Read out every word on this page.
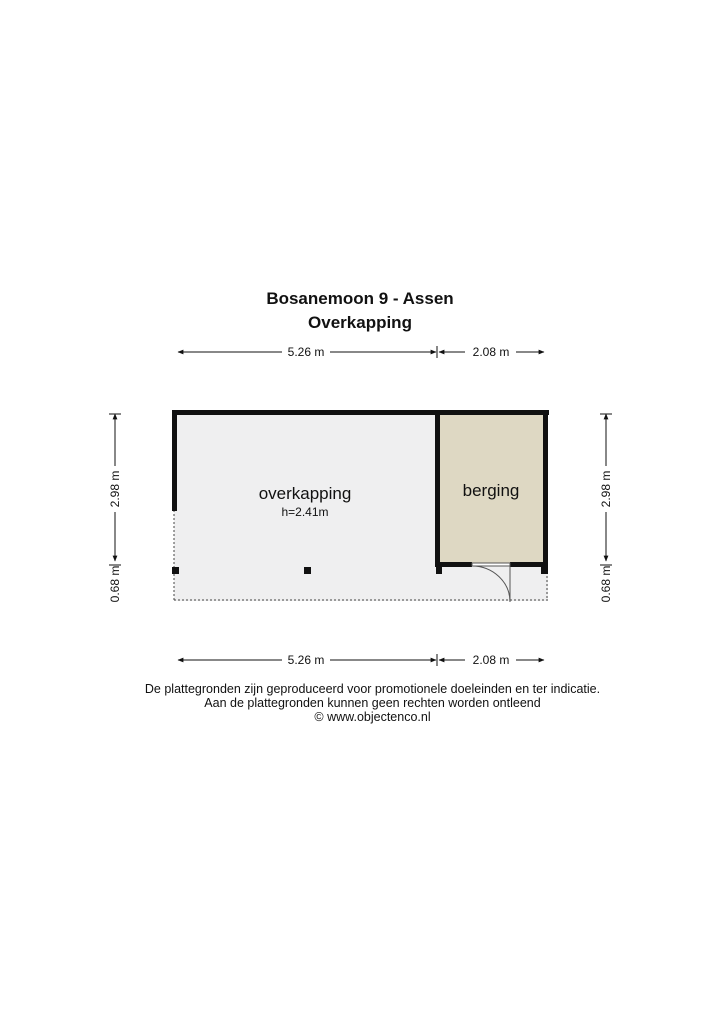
Bosanemoon 9 - Assen
Overkapping
overkapping
h=2.41m
berging
5.26 m	2.08 m
5.26 m	2.08 m
2.98 m
0.68 m
2.98 m
0.68 m
De plattegronden zijn geproduceerd voor promotionele doeleinden en ter indicatie.
Aan de plattegronden kunnen geen rechten worden ontleend
© www.objectenco.nl
